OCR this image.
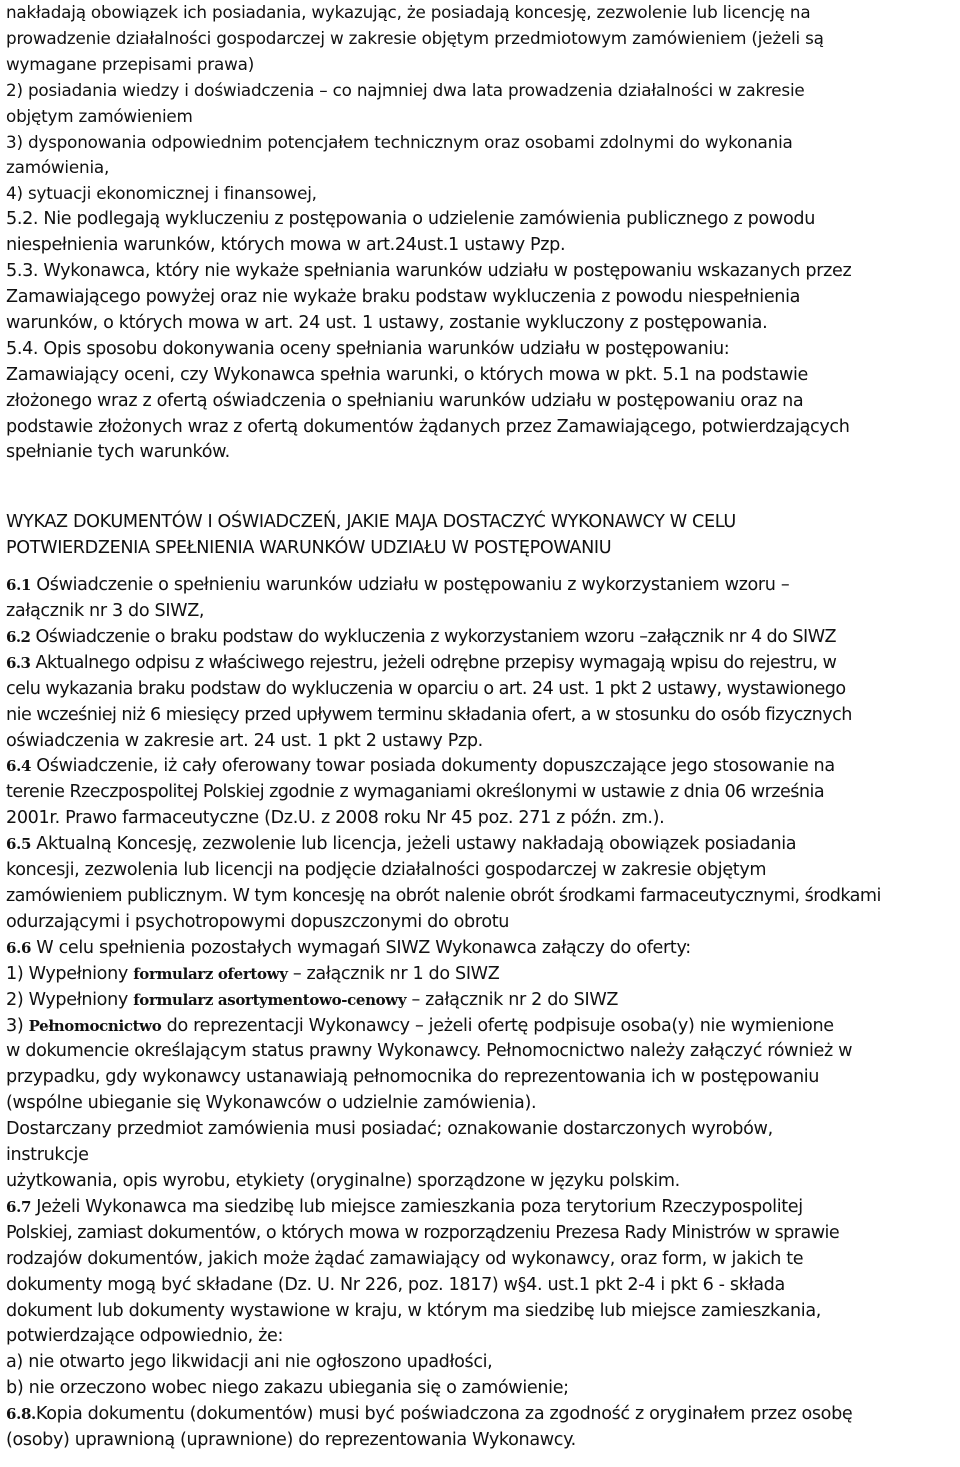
nakładają obowiązek ich posiadania, wykazując, że posiadają koncesję, zezwolenie lub licencję na

prowadzenie działalności gospodarczej w zakresie objętym przedmiotowym zamówieniem (jeżeli są

wymagane przepisami prawa)

2) posiadania wiedzy i doświadczenia – co najmniej dwa lata prowadzenia działalności w zakresie

objętym zamówieniem

3) dysponowania odpowiednim potencjałem technicznym oraz osobami zdolnymi do wykonania

zamówienia,

4) sytuacji ekonomicznej i finansowej,

5.2. Nie podlegają wykluczeniu z postępowania o udzielenie zamówienia publicznego z powodu

niespełnienia warunków, których mowa w art.24ust.1 ustawy Pzp.

5.3. Wykonawca, który nie wykaże spełniania warunków udziału w postępowaniu wskazanych przez

Zamawiającego powyżej oraz nie wykaże braku podstaw wykluczenia z powodu niespełnienia

warunków, o których mowa w art. 24 ust. 1 ustawy, zostanie wykluczony z postępowania.

5.4. Opis sposobu dokonywania oceny spełniania warunków udziału w postępowaniu:

Zamawiający oceni, czy Wykonawca spełnia warunki, o których mowa w pkt. 5.1 na podstawie

złożonego wraz z ofertą oświadczenia o spełnianiu warunków udziału w postępowaniu oraz na

podstawie złożonych wraz z ofertą dokumentów żądanych przez Zamawiającego, potwierdzających

spełnianie tych warunków.

WYKAZ DOKUMENTÓW I OŚWIADCZEŃ, JAKIE MAJA DOSTACZYĆ WYKONAWCY W CELU

POTWIERDZENIA SPEŁNIENIA WARUNKÓW UDZIAŁU W POSTĘPOWANIU

6.1 Oświadczenie o spełnieniu warunków udziału w postępowaniu z wykorzystaniem wzoru –

załącznik nr 3 do SIWZ,

6.2 Oświadczenie o braku podstaw do wykluczenia z wykorzystaniem wzoru –załącznik nr 4 do SIWZ

6.3 Aktualnego odpisu z właściwego rejestru, jeżeli odrębne przepisy wymagają wpisu do rejestru, w

celu wykazania braku podstaw do wykluczenia w oparciu o art. 24 ust. 1 pkt 2 ustawy, wystawionego

nie wcześniej niż 6 miesięcy przed upływem terminu składania ofert, a w stosunku do osób fizycznych

oświadczenia w zakresie art. 24 ust. 1 pkt 2 ustawy Pzp.

6.4 Oświadczenie, iż cały oferowany towar posiada dokumenty dopuszczające jego stosowanie na

terenie Rzeczpospolitej Polskiej zgodnie z wymaganiami określonymi w ustawie z dnia 06 września

2001r. Prawo farmaceutyczne (Dz.U. z 2008 roku Nr 45 poz. 271 z późn. zm.).

6.5 Aktualną Koncesję, zezwolenie lub licencja, jeżeli ustawy nakładają obowiązek posiadania

koncesji, zezwolenia lub licencji na podjęcie działalności gospodarczej w zakresie objętym

zamówieniem publicznym. W tym koncesję na obrót nalenie obrót środkami farmaceutycznymi, środkami

odurzającymi i psychotropowymi dopuszczonymi do obrotu

6.6 W celu spełnienia pozostałych wymagań SIWZ Wykonawca załączy do oferty:

1) Wypełniony formularz ofertowy – załącznik nr 1 do SIWZ

2) Wypełniony formularz asortymentowo-cenowy – załącznik nr 2 do SIWZ

3) Pełnomocnictwo do reprezentacji Wykonawcy – jeżeli ofertę podpisuje osoba(y) nie wymienione

w dokumencie określającym status prawny Wykonawcy. Pełnomocnictwo należy załączyć również w

przypadku, gdy wykonawcy ustanawiają pełnomocnika do reprezentowania ich w postępowaniu

(wspólne ubieganie się Wykonawców o udzielnie zamówienia).

Dostarczany przedmiot zamówienia musi posiadać; oznakowanie dostarczonych wyrobów,

instrukcje

użytkowania, opis wyrobu, etykiety (oryginalne) sporządzone w języku polskim.

6.7 Jeżeli Wykonawca ma siedzibę lub miejsce zamieszkania poza terytorium Rzeczypospolitej

Polskiej, zamiast dokumentów, o których mowa w rozporządzeniu Prezesa Rady Ministrów w sprawie

rodzajów dokumentów, jakich może żądać zamawiający od wykonawcy, oraz form, w jakich te

dokumenty mogą być składane (Dz. U. Nr 226, poz. 1817) w§4. ust.1 pkt 2-4 i pkt 6 - składa

dokument lub dokumenty wystawione w kraju, w którym ma siedzibę lub miejsce zamieszkania,

potwierdzające odpowiednio, że:

a) nie otwarto jego likwidacji ani nie ogłoszono upadłości,

b) nie orzeczono wobec niego zakazu ubiegania się o zamówienie;

6.8.Kopia dokumentu (dokumentów) musi być poświadczona za zgodność z oryginałem przez osobę

(osoby) uprawnioną (uprawnione) do reprezentowania Wykonawcy.
